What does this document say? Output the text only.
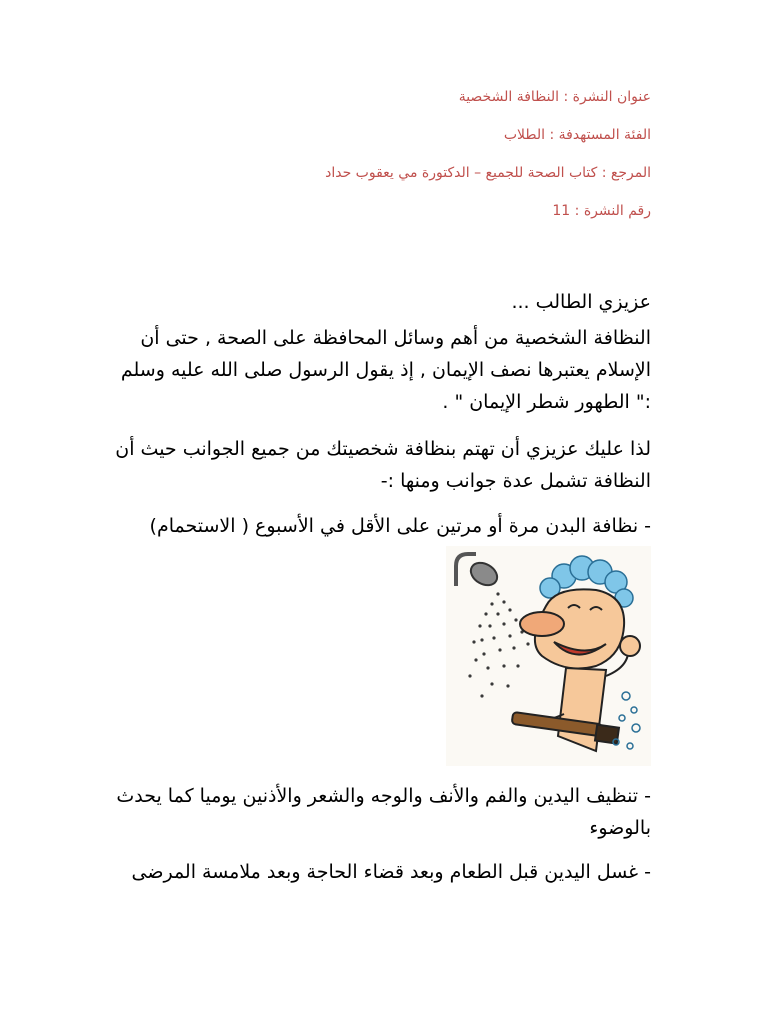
عنوان النشرة : النظافة الشخصية
الفئة المستهدفة : الطلاب
المرجع : كتاب الصحة للجميع – الدكتورة مي يعقوب حداد
رقم النشرة : 11
عزيزي الطالب ...
النظافة الشخصية من أهم وسائل المحافظة على الصحة , حتى أن الإسلام يعتبرها نصف الإيمان , إذ يقول الرسول صلى الله عليه وسلم :" الطهور شطر الإيمان " .
لذا عليك عزيزي أن تهتم بنظافة شخصيتك من جميع الجوانب حيث أن النظافة تشمل عدة جوانب ومنها :-
- نظافة البدن مرة أو مرتين على الأقل في الأسبوع ( الاستحمام)
- تنظيف اليدين والفم والأنف والوجه والشعر والأذنين يوميا كما يحدث بالوضوء
- غسل اليدين قبل الطعام وبعد قضاء الحاجة وبعد ملامسة المرضى
